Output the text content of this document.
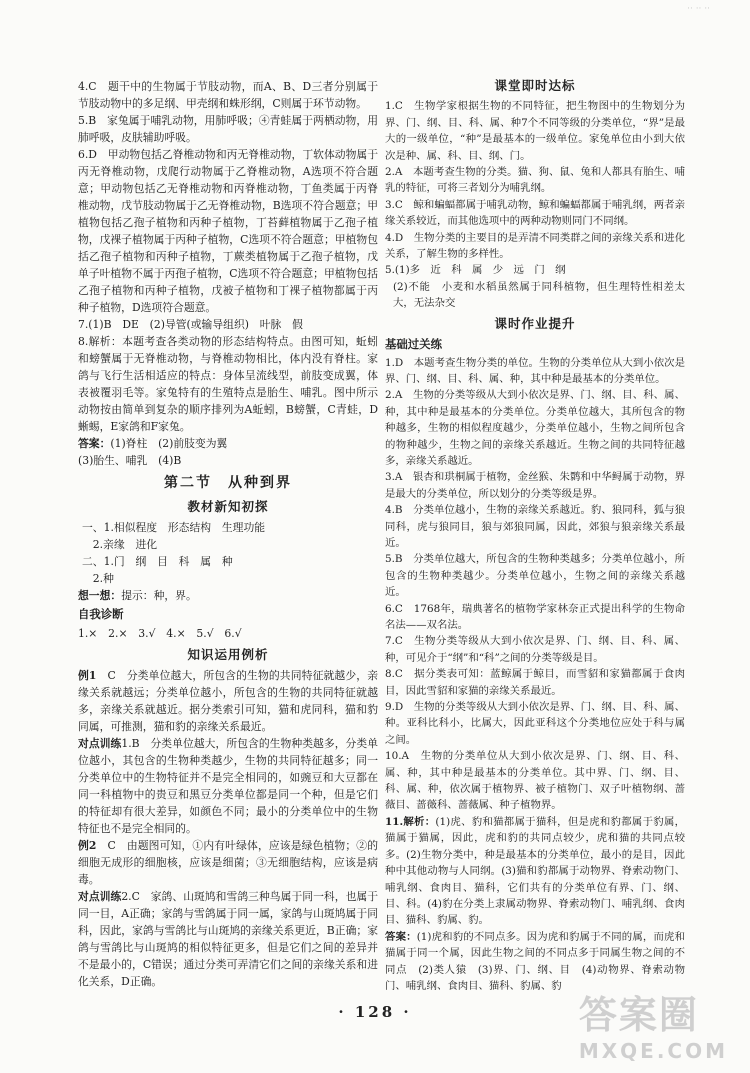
·· ·· ··

4.C　题干中的生物属于节肢动物，而A、B、D三者分别属于节肢动物中的多足纲、甲壳纲和蛛形纲，C则属于环节动物。

5.B　家兔属于哺乳动物，用肺呼吸；④青蛙属于两栖动物，用肺呼吸，皮肤辅助呼吸。

6.D　甲动物包括乙脊椎动物和丙无脊椎动物，丁软体动物属于丙无脊椎动物，戊爬行动物属于乙脊椎动物，A选项不符合题意；甲动物包括乙无脊椎动物和丙脊椎动物，丁鱼类属于丙脊椎动物，戊节肢动物属于乙无脊椎动物，B选项不符合题意；甲植物包括乙孢子植物和丙种子植物，丁苔藓植物属于乙孢子植物，戊裸子植物属于丙种子植物，C选项不符合题意；甲植物包括乙孢子植物和丙种子植物，丁蕨类植物属于乙孢子植物，戊单子叶植物不属于丙孢子植物，C选项不符合题意；甲植物包括乙孢子植物和丙种子植物，戊被子植物和丁裸子植物都属于丙种子植物，D选项符合题意。

7.(1)B　DE　(2)导管(或输导组织)　叶脉　假

8.解析：本题考查各类动物的形态结构特点。由图可知，蚯蚓和螃蟹属于无脊椎动物，与脊椎动物相比，体内没有脊柱。家鸽与飞行生活相适应的特点：身体呈流线型，前肢变成翼，体表被覆羽毛等。家兔特有的生殖特点是胎生、哺乳。图中所示动物按由简单到复杂的顺序排列为A蚯蚓，B螃蟹，C青蛙，D蜥蜴，E家鸽和F家兔。

答案：(1)脊柱　(2)前肢变为翼

(3)胎生、哺乳　(4)B

第二节　从种到界
教材新知初探

一、1.相似程度　形态结构　生理功能

　2.亲缘　进化

二、1.门　纲　目　科　属　种

　2.种

想一想：提示：种，界。

自我诊断

1.×　2.×　3.√　4.×　5.√　6.√

知识运用例析

例1　 C　分类单位越大，所包含的生物的共同特征就越少，亲缘关系就越远；分类单位越小，所包含的生物的共同特征就越多，亲缘关系就越近。据分类索引可知，猫和虎同科，猫和豹同属，可推测，猫和豹的亲缘关系最近。

对点训练1.B　分类单位越大，所包含的生物种类越多，分类单位越小，其包含的生物种类越少，生物的共同特征越多；同一分类单位中的生物特征并不是完全相同的，如豌豆和大豆都在同一科植物中的贵豆和黑豆分类单位都是同一个种，但是它们的特征却有很大差异，如颜色不同；最小的分类单位中的生物特征也不是完全相同的。

例2　 C　由题图可知，①内有叶绿体，应该是绿色植物；②的细胞无成形的细胞核，应该是细菌；③无细胞结构，应该是病毒。

对点训练2.C　家鸽、山斑鸠和雪鸽三种鸟属于同一科，也属于同一目，A正确；家鸽与雪鸽属于同一属，家鸽与山斑鸠属于同科，因此，家鸽与雪鸽比与山斑鸠的亲缘关系更近，B正确；家鸽与雪鸽比与山斑鸠的相似特征更多，但是它们之间的差异并不是最小的，C错误；通过分类可弄清它们之间的亲缘关系和进化关系，D正确。

课堂即时达标

1.C　生物学家根据生物的不同特征，把生物图中的生物划分为界、门、纲、目、科、属、种7个不同等级的分类单位，“界”是最大的一级单位，“种”是最基本的一级单位。家兔单位由小到大依次是种、属、科、目、纲、门。

2.A　本题考查生物的分类。猫、狗、鼠、兔和人都具有胎生、哺乳的特征，可将三者划分为哺乳纲。

3.C　鲸和蝙蝠都属于哺乳动物，鲸和蝙蝠都属于哺乳纲，两者亲缘关系较近，而其他选项中的两种动物则同门不同纲。

4.D　生物分类的主要目的是弄清不同类群之间的亲缘关系和进化关系，了解生物的多样性。

5.(1)多　近　科　属　少　远　门　纲

(2)不能　小麦和水稻虽然属于同科植物，但生理特性相差太大，无法杂交

课时作业提升

基础过关练

1.D　本题考查生物分类的单位。生物的分类单位从大到小依次是界、门、纲、目、科、属、种，其中种是最基本的分类单位。

2.A　生物的分类等级从大到小依次是界、门、纲、目、科、属、种，其中种是最基本的分类单位。分类单位越大，其所包含的物种越多，生物的相似程度越少，分类单位越小，生物之间所包含的物种越少，生物之间的亲缘关系越近。生物之间的共同特征越多，亲缘关系越近。

3.A　银杏和珙桐属于植物，金丝猴、朱鹮和中华鲟属于动物，界是最大的分类单位，所以划分的分类等级是界。

4.B　分类单位越小，生物的亲缘关系越近。豹、狼同科，狐与狼同科，虎与狼同目，狼与郊狼同属，因此，郊狼与狼亲缘关系最近。

5.B　分类单位越大，所包含的生物种类越多；分类单位越小，所包含的生物种类越少。分类单位越小，生物之间的亲缘关系越近。

6.C　1768年，瑞典著名的植物学家林奈正式提出科学的生物命名法——双名法。

7.C　生物分类等级从大到小依次是界、门、纲、目、科、属、种，可见介于“纲”和“科”之间的分类等级是目。

8.C　据分类表可知：蓝鲸属于鲸目，而雪貂和家猫都属于食肉目，因此雪貂和家猫的亲缘关系最近。

9.D　生物的分类等级从大到小依次是界、门、纲、目、科、属、种。亚科比科小，比属大，因此亚科这个分类地位应处于科与属之间。

10.A　生物的分类单位从大到小依次是界、门、纲、目、科、属、种，其中种是最基本的分类单位。其中界、门、纲、目、科、属、种，依次属于植物界、被子植物门、双子叶植物纲、蔷薇目、蔷薇科、蔷薇属、种子植物界。

11.解析：(1)虎、豹和猫都属于猫科，但是虎和豹都属于豹属，猫属于猫属，因此，虎和豹的共同点较少，虎和猫的共同点较多。(2)生物分类中，种是最基本的分类单位，最小的是目，因此种中其他动物与人同纲。(3)猫和豹都属于动物界、脊索动物门、哺乳纲、食肉目、猫科，它们共有的分类单位有界、门、纲、目、科。(4)豹在分类上隶属动物界、脊索动物门、哺乳纲、食肉目、猫科、豹属、豹。

答案：(1)虎和豹的不同点多。因为虎和豹属于不同的属，而虎和猫属于同一个属，因此生物之间的不同点多于同属生物之间的不同点　(2)类人猿　(3)界、门、纲、目　(4)动物界、脊索动物门、哺乳纲、食肉目、猫科、豹属、豹

· 128 ·	答案圈
MXQE.COM
